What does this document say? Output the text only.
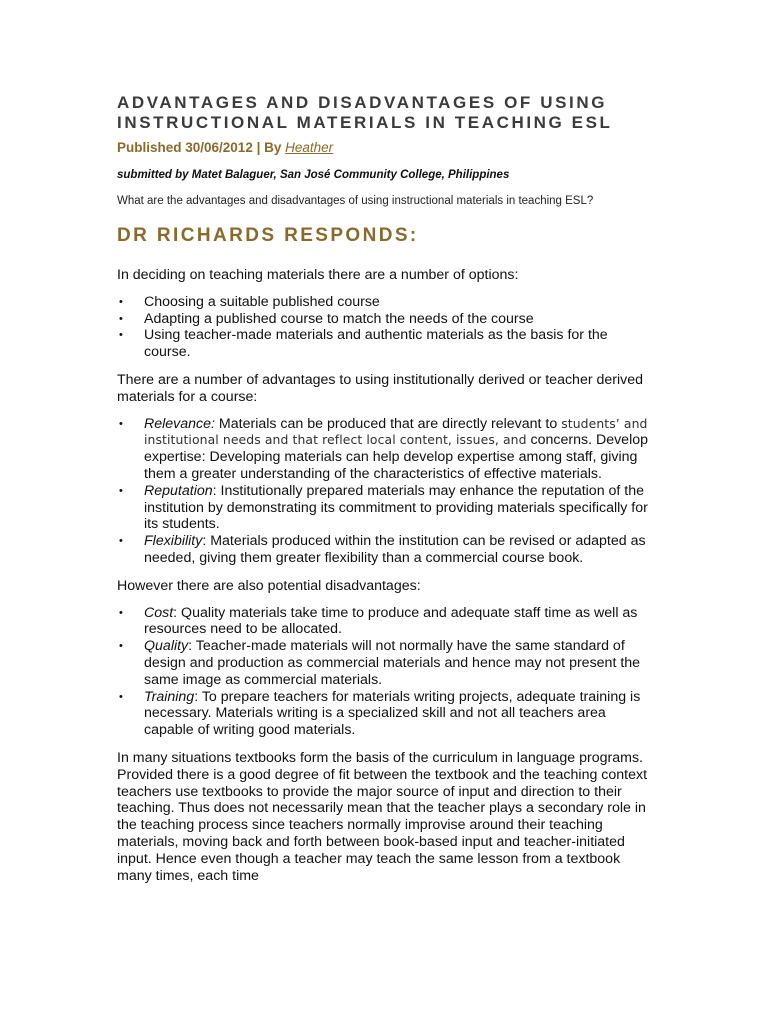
ADVANTAGES AND DISADVANTAGES OF USING
INSTRUCTIONAL MATERIALS IN TEACHING ESL
Published 30/06/2012 | By Heather
submitted by Matet Balaguer, San José Community College, Philippines
What are the advantages and disadvantages of using instructional materials in teaching ESL?
DR RICHARDS RESPONDS:

In deciding on teaching materials there are a number of options:

• Choosing a suitable published course
• Adapting a published course to match the needs of the course
• Using teacher-made materials and authentic materials as the basis for the course.

There are a number of advantages to using institutionally derived or teacher derived materials for a course:

• Relevance: Materials can be produced that are directly relevant to students’ and institutional needs and that reflect local content, issues, and concerns. Develop expertise: Developing materials can help develop expertise among staff, giving them a greater understanding of the characteristics of effective materials.
• Reputation: Institutionally prepared materials may enhance the reputation of the institution by demonstrating its commitment to providing materials specifically for its students.
• Flexibility: Materials produced within the institution can be revised or adapted as needed, giving them greater flexibility than a commercial course book.

However there are also potential disadvantages:

• Cost: Quality materials take time to produce and adequate staff time as well as resources need to be allocated.
• Quality: Teacher-made materials will not normally have the same standard of design and production as commercial materials and hence may not present the same image as commercial materials.
• Training: To prepare teachers for materials writing projects, adequate training is necessary. Materials writing is a specialized skill and not all teachers area capable of writing good materials.

In many situations textbooks form the basis of the curriculum in language programs. Provided there is a good degree of fit between the textbook and the teaching context teachers use textbooks to provide the major source of input and direction to their teaching. Thus does not necessarily mean that the teacher plays a secondary role in the teaching process since teachers normally improvise around their teaching materials, moving back and forth between book-based input and teacher-initiated input. Hence even though a teacher may teach the same lesson from a textbook many times, each time
